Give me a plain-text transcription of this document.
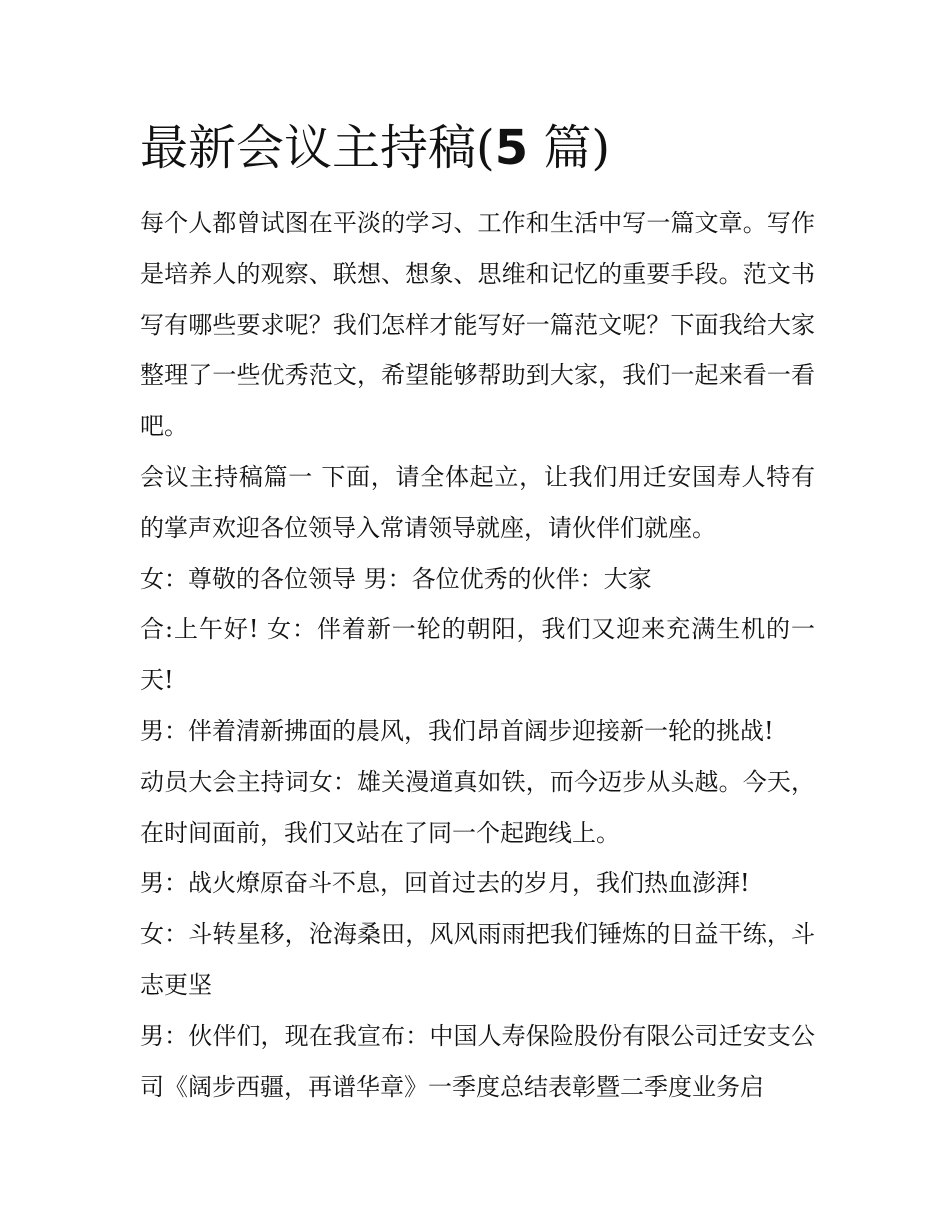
最新会议主持稿(5 篇)

每个人都曾试图在平淡的学习、工作和生活中写一篇文章。写作是培养人的观察、联想、想象、思维和记忆的重要手段。范文书写有哪些要求呢？我们怎样才能写好一篇范文呢？下面我给大家整理了一些优秀范文，希望能够帮助到大家，我们一起来看一看吧。

会议主持稿篇一 下面，请全体起立，让我们用迁安国寿人特有的掌声欢迎各位领导入常请领导就座，请伙伴们就座。

女：尊敬的各位领导 男：各位优秀的伙伴：大家

合:上午好! 女：伴着新一轮的朝阳，我们又迎来充满生机的一天!

男：伴着清新拂面的晨风，我们昂首阔步迎接新一轮的挑战!

动员大会主持词女：雄关漫道真如铁，而今迈步从头越。今天，在时间面前，我们又站在了同一个起跑线上。

男：战火燎原奋斗不息，回首过去的岁月，我们热血澎湃!

女：斗转星移，沧海桑田，风风雨雨把我们锤炼的日益干练，斗志更坚

男：伙伴们，现在我宣布：中国人寿保险股份有限公司迁安支公司《阔步西疆，再谱华章》一季度总结表彰暨二季度业务启
